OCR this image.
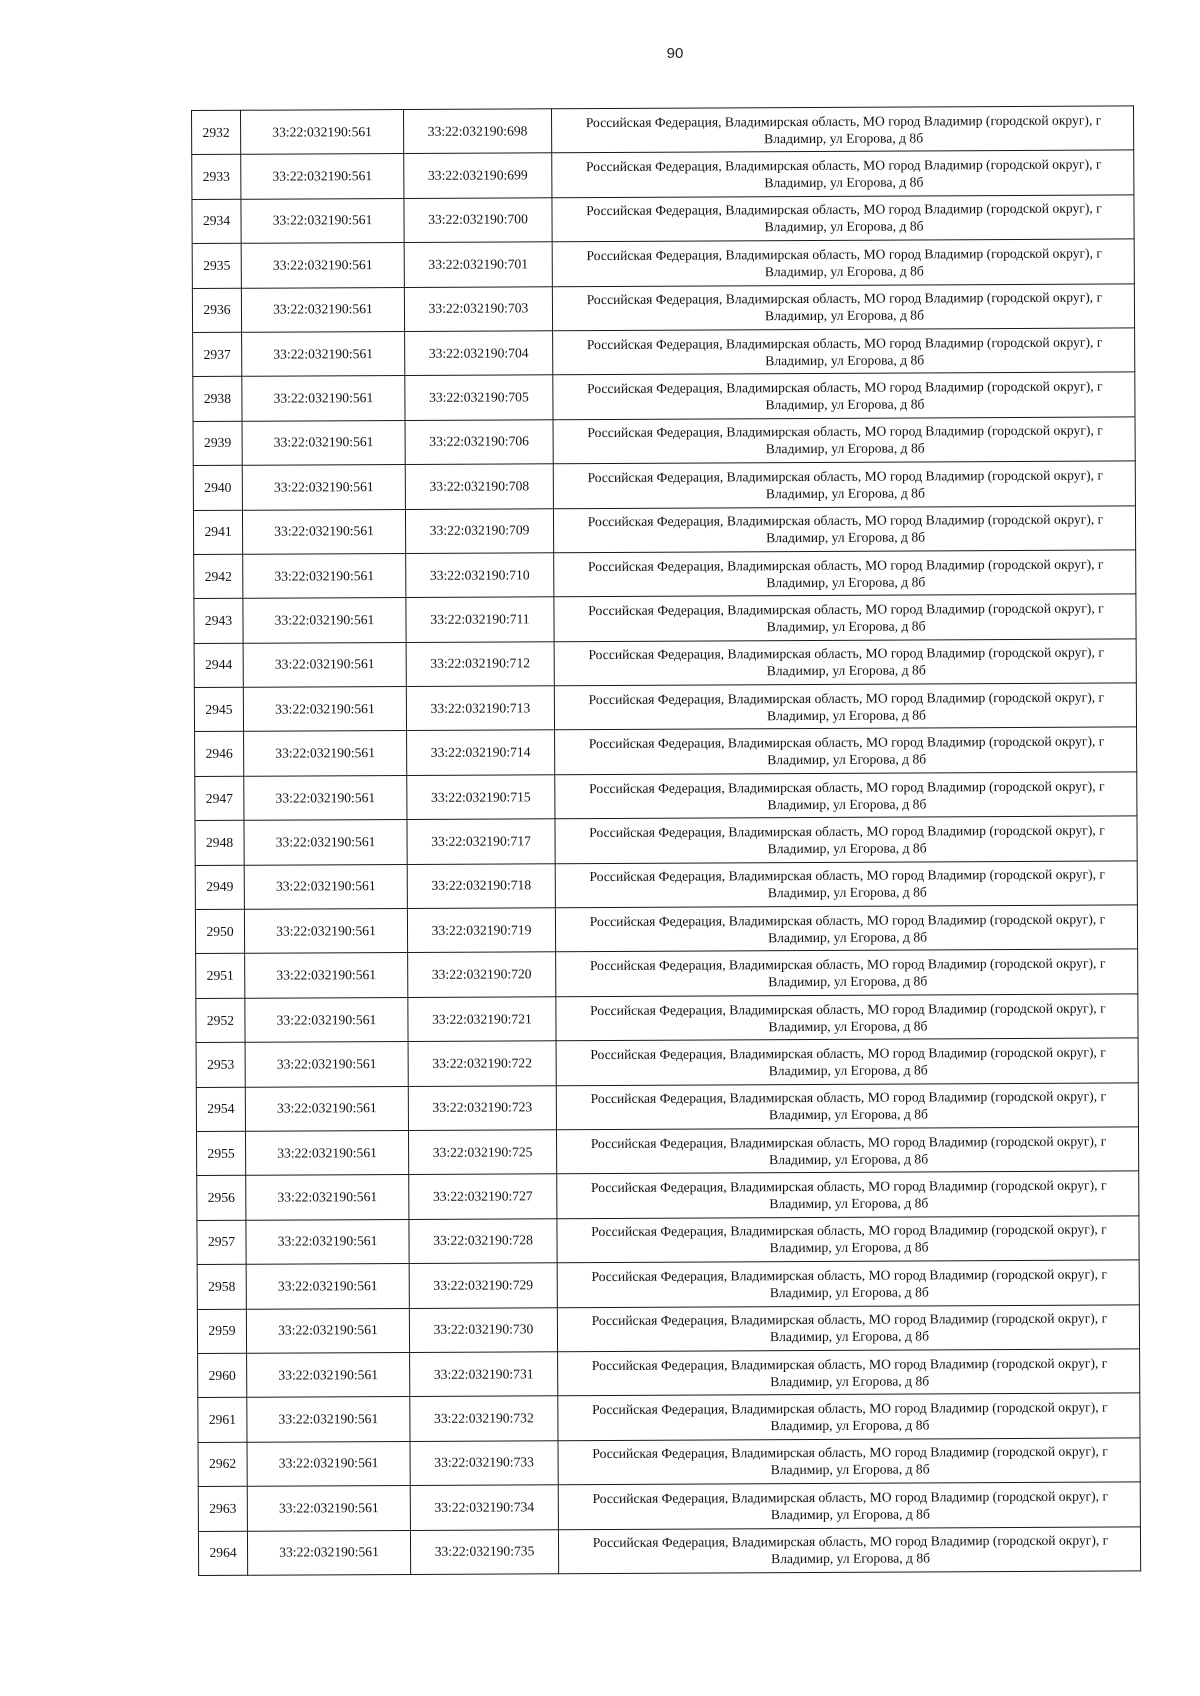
90
2932	33:22:032190:561	33:22:032190:698	Российская Федерация, Владимирская область, МО город Владимир (городской округ), г
Владимир, ул Егорова, д 8б

2933	33:22:032190:561	33:22:032190:699	Российская Федерация, Владимирская область, МО город Владимир (городской округ), г
Владимир, ул Егорова, д 8б

2934	33:22:032190:561	33:22:032190:700	Российская Федерация, Владимирская область, МО город Владимир (городской округ), г
Владимир, ул Егорова, д 8б

2935	33:22:032190:561	33:22:032190:701	Российская Федерация, Владимирская область, МО город Владимир (городской округ), г
Владимир, ул Егорова, д 8б

2936	33:22:032190:561	33:22:032190:703	Российская Федерация, Владимирская область, МО город Владимир (городской округ), г
Владимир, ул Егорова, д 8б

2937	33:22:032190:561	33:22:032190:704	Российская Федерация, Владимирская область, МО город Владимир (городской округ), г
Владимир, ул Егорова, д 8б

2938	33:22:032190:561	33:22:032190:705	Российская Федерация, Владимирская область, МО город Владимир (городской округ), г
Владимир, ул Егорова, д 8б

2939	33:22:032190:561	33:22:032190:706	Российская Федерация, Владимирская область, МО город Владимир (городской округ), г
Владимир, ул Егорова, д 8б

2940	33:22:032190:561	33:22:032190:708	Российская Федерация, Владимирская область, МО город Владимир (городской округ), г
Владимир, ул Егорова, д 8б

2941	33:22:032190:561	33:22:032190:709	Российская Федерация, Владимирская область, МО город Владимир (городской округ), г
Владимир, ул Егорова, д 8б

2942	33:22:032190:561	33:22:032190:710	Российская Федерация, Владимирская область, МО город Владимир (городской округ), г
Владимир, ул Егорова, д 8б

2943	33:22:032190:561	33:22:032190:711	Российская Федерация, Владимирская область, МО город Владимир (городской округ), г
Владимир, ул Егорова, д 8б

2944	33:22:032190:561	33:22:032190:712	Российская Федерация, Владимирская область, МО город Владимир (городской округ), г
Владимир, ул Егорова, д 8б

2945	33:22:032190:561	33:22:032190:713	Российская Федерация, Владимирская область, МО город Владимир (городской округ), г
Владимир, ул Егорова, д 8б

2946	33:22:032190:561	33:22:032190:714	Российская Федерация, Владимирская область, МО город Владимир (городской округ), г
Владимир, ул Егорова, д 8б

2947	33:22:032190:561	33:22:032190:715	Российская Федерация, Владимирская область, МО город Владимир (городской округ), г
Владимир, ул Егорова, д 8б

2948	33:22:032190:561	33:22:032190:717	Российская Федерация, Владимирская область, МО город Владимир (городской округ), г
Владимир, ул Егорова, д 8б

2949	33:22:032190:561	33:22:032190:718	Российская Федерация, Владимирская область, МО город Владимир (городской округ), г
Владимир, ул Егорова, д 8б

2950	33:22:032190:561	33:22:032190:719	Российская Федерация, Владимирская область, МО город Владимир (городской округ), г
Владимир, ул Егорова, д 8б

2951	33:22:032190:561	33:22:032190:720	Российская Федерация, Владимирская область, МО город Владимир (городской округ), г
Владимир, ул Егорова, д 8б

2952	33:22:032190:561	33:22:032190:721	Российская Федерация, Владимирская область, МО город Владимир (городской округ), г
Владимир, ул Егорова, д 8б

2953	33:22:032190:561	33:22:032190:722	Российская Федерация, Владимирская область, МО город Владимир (городской округ), г
Владимир, ул Егорова, д 8б

2954	33:22:032190:561	33:22:032190:723	Российская Федерация, Владимирская область, МО город Владимир (городской округ), г
Владимир, ул Егорова, д 8б

2955	33:22:032190:561	33:22:032190:725	Российская Федерация, Владимирская область, МО город Владимир (городской округ), г
Владимир, ул Егорова, д 8б

2956	33:22:032190:561	33:22:032190:727	Российская Федерация, Владимирская область, МО город Владимир (городской округ), г
Владимир, ул Егорова, д 8б

2957	33:22:032190:561	33:22:032190:728	Российская Федерация, Владимирская область, МО город Владимир (городской округ), г
Владимир, ул Егорова, д 8б

2958	33:22:032190:561	33:22:032190:729	Российская Федерация, Владимирская область, МО город Владимир (городской округ), г
Владимир, ул Егорова, д 8б

2959	33:22:032190:561	33:22:032190:730	Российская Федерация, Владимирская область, МО город Владимир (городской округ), г
Владимир, ул Егорова, д 8б

2960	33:22:032190:561	33:22:032190:731	Российская Федерация, Владимирская область, МО город Владимир (городской округ), г
Владимир, ул Егорова, д 8б

2961	33:22:032190:561	33:22:032190:732	Российская Федерация, Владимирская область, МО город Владимир (городской округ), г
Владимир, ул Егорова, д 8б

2962	33:22:032190:561	33:22:032190:733	Российская Федерация, Владимирская область, МО город Владимир (городской округ), г
Владимир, ул Егорова, д 8б

2963	33:22:032190:561	33:22:032190:734	Российская Федерация, Владимирская область, МО город Владимир (городской округ), г
Владимир, ул Егорова, д 8б

2964	33:22:032190:561	33:22:032190:735	Российская Федерация, Владимирская область, МО город Владимир (городской округ), г
Владимир, ул Егорова, д 8б
